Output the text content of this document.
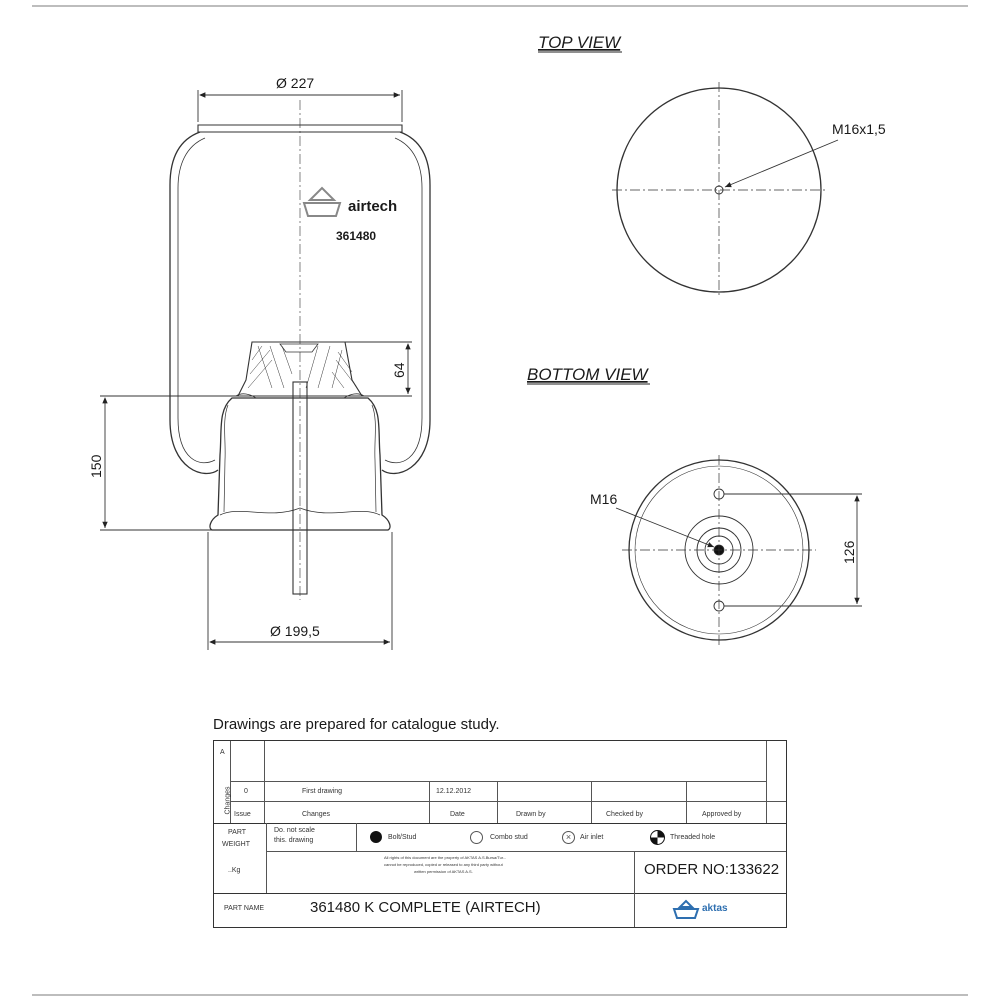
airtech
361480
Ø 227
Ø 199,5
150
64
TOP VIEW
M16x1,5
BOTTOM VIEW
M16
126
Drawings are prepared for catalogue study.
A
Changes 0	First drawing	12.12.2012
Issue	Changes	Date	Drawn by	Checked by	Approved by
PART
WEIGHT
..Kg
Do. not scale
this. drawing	Bolt/Stud	Combo stud	×	Air inlet	Threaded hole
All rights of this document are the property of AKTAS A.S.Bursa/Tur...
cannot be reproduced, copied or released to any third party without
written permission of AKTAS A.S.	ORDER NO:133622
PART NAME	361480 K COMPLETE (AIRTECH)	aktas
